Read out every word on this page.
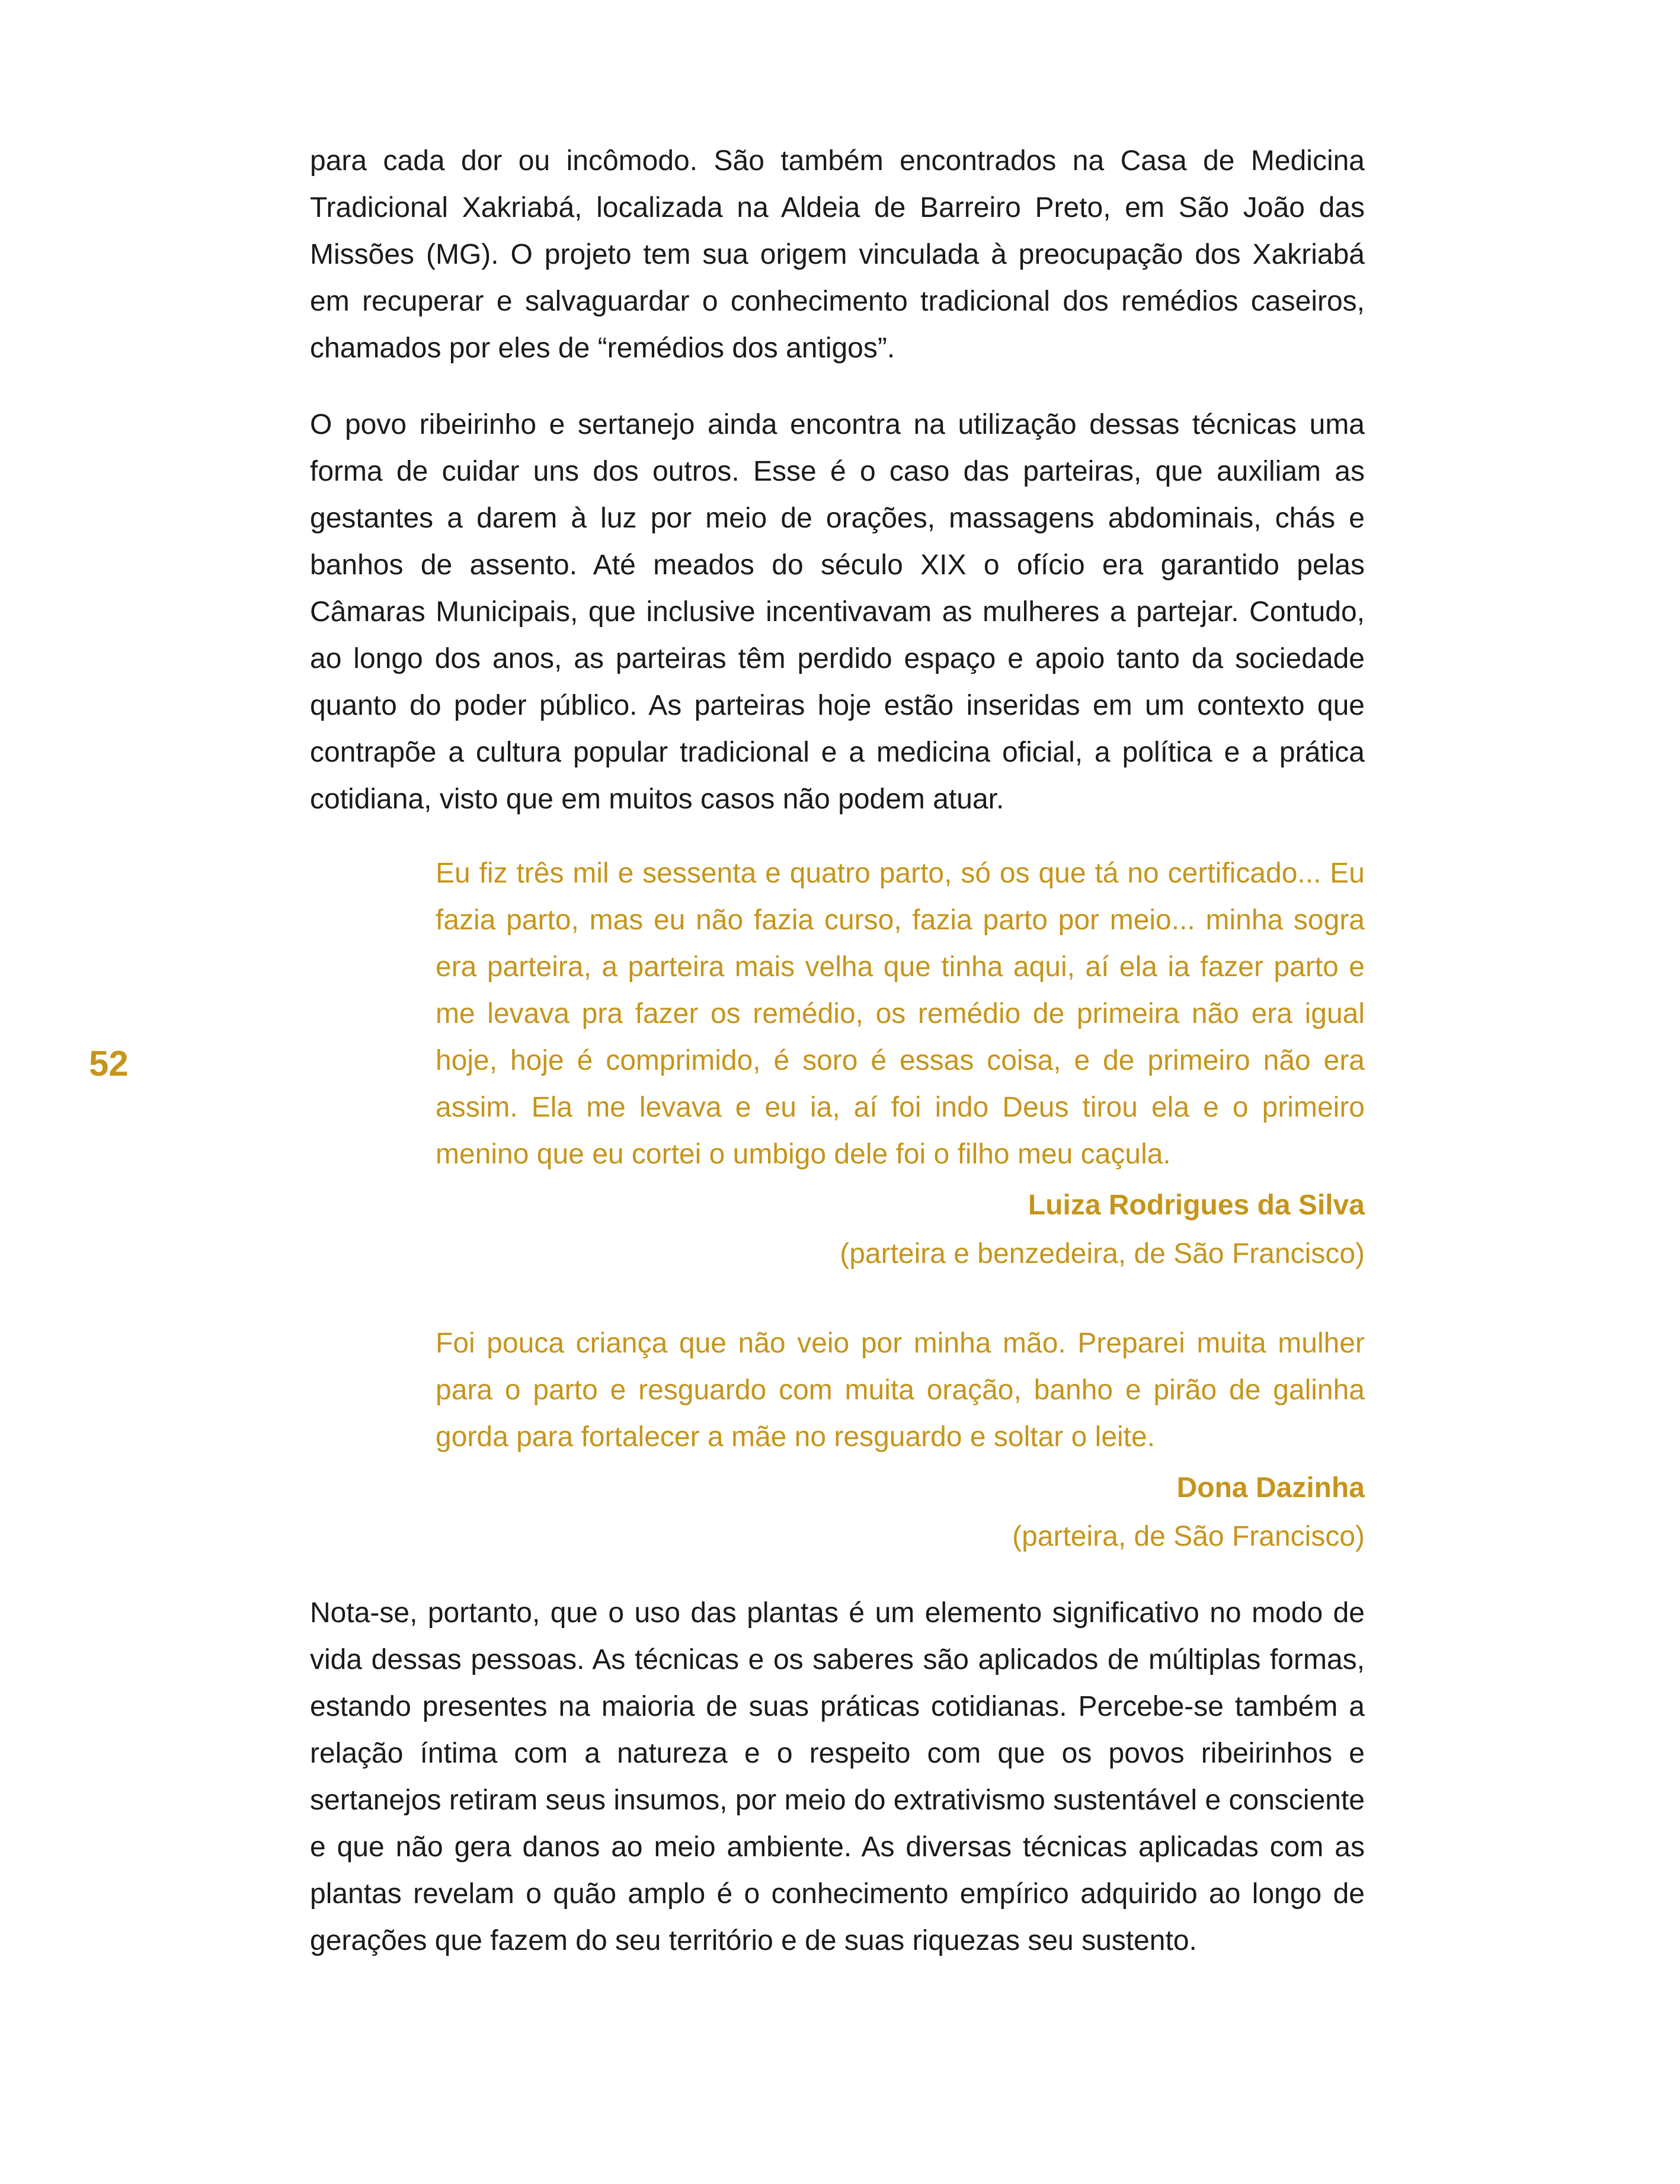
52

para cada dor ou incômodo. São também encontrados na Casa de Medicina Tradicional Xakriabá, localizada na Aldeia de Barreiro Preto, em São João das Missões (MG). O projeto tem sua origem vinculada à preocupação dos Xakriabá em recuperar e salvaguardar o conhecimento tradicional dos remédios caseiros, chamados por eles de “remédios dos antigos”.

O povo ribeirinho e sertanejo ainda encontra na utilização dessas técnicas uma forma de cuidar uns dos outros. Esse é o caso das parteiras, que auxiliam as gestantes a darem à luz por meio de orações, massagens abdominais, chás e banhos de assento. Até meados do século XIX o ofício era garantido pelas Câmaras Municipais, que inclusive incentivavam as mulheres a partejar. Contudo, ao longo dos anos, as parteiras têm perdido espaço e apoio tanto da sociedade quanto do poder público. As parteiras hoje estão inseridas em um contexto que contrapõe a cultura popular tradicional e a medicina oficial, a política e a prática cotidiana, visto que em muitos casos não podem atuar.

Eu fiz três mil e sessenta e quatro parto, só os que tá no certificado... Eu fazia parto, mas eu não fazia curso, fazia parto por meio... minha sogra era parteira, a parteira mais velha que tinha aqui, aí ela ia fazer parto e me levava pra fazer os remédio, os remédio de primeira não era igual hoje, hoje é comprimido, é soro é essas coisa, e de primeiro não era assim. Ela me levava e eu ia, aí foi indo Deus tirou ela e o primeiro menino que eu cortei o umbigo dele foi o filho meu caçula.

Luiza Rodrigues da Silva
(parteira e benzedeira, de São Francisco)

Foi pouca criança que não veio por minha mão. Preparei muita mulher para o parto e resguardo com muita oração, banho e pirão de galinha gorda para fortalecer a mãe no resguardo e soltar o leite.

Dona Dazinha
(parteira, de São Francisco)

Nota-se, portanto, que o uso das plantas é um elemento significativo no modo de vida dessas pessoas. As técnicas e os saberes são aplicados de múltiplas formas, estando presentes na maioria de suas práticas cotidianas. Percebe-se também a relação íntima com a natureza e o respeito com que os povos ribeirinhos e sertanejos retiram seus insumos, por meio do extrativismo sustentável e consciente e que não gera danos ao meio ambiente. As diversas técnicas aplicadas com as plantas revelam o quão amplo é o conhecimento empírico adquirido ao longo de gerações que fazem do seu território e de suas riquezas seu sustento.
